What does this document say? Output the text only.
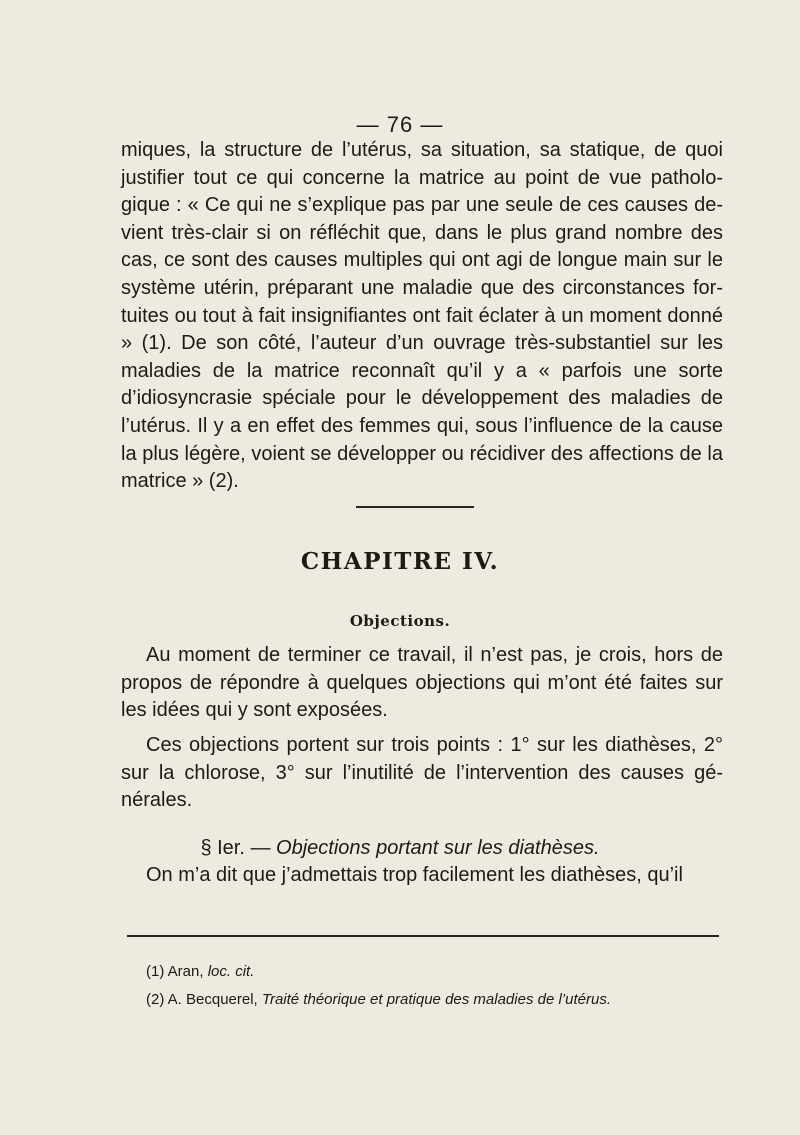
— 76 —

miques, la structure de l’utérus, sa situation, sa statique, de quoi justifier tout ce qui concerne la matrice au point de vue patholo- gique : « Ce qui ne s’explique pas par une seule de ces causes de- vient très-clair si on réfléchit que, dans le plus grand nombre des cas, ce sont des causes multiples qui ont agi de longue main sur le système utérin, préparant une maladie que des circonstances for- tuites ou tout à fait insignifiantes ont fait éclater à un moment donné » (1). De son côté, l’auteur d’un ouvrage très-substantiel sur les maladies de la matrice reconnaît qu’il y a « parfois une sorte d’idiosyncrasie spéciale pour le développement des maladies de l’utérus. Il y a en effet des femmes qui, sous l’influence de la cause la plus légère, voient se développer ou récidiver des affections de la matrice » (2).

CHAPITRE IV.
Objections.

Au moment de terminer ce travail, il n’est pas, je crois, hors de propos de répondre à quelques objections qui m’ont été faites sur les idées qui y sont exposées.

Ces objections portent sur trois points : 1° sur les diathèses, 2° sur la chlorose, 3° sur l’inutilité de l’intervention des causes gé- nérales.

§ Ier. — Objections portant sur les diathèses.

On m’a dit que j’admettais trop facilement les diathèses, qu’il

(1) Aran, loc. cit.

(2) A. Becquerel, Traité théorique et pratique des maladies de l’utérus.
